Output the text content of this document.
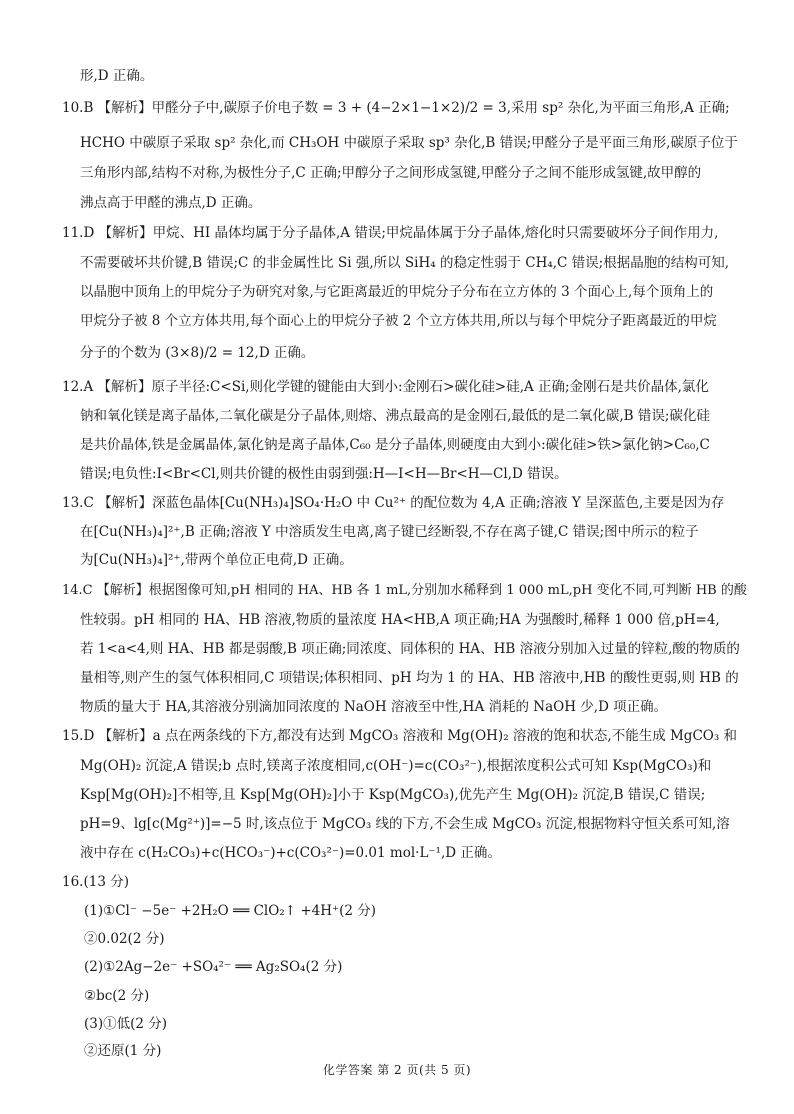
形,D 正确。
10.B 【解析】甲醛分子中,碳原子价电子数 = 3 + (4−2×1−1×2)/2 = 3,采用 sp² 杂化,为平面三角形,A 正确;
HCHO 中碳原子采取 sp² 杂化,而 CH₃OH 中碳原子采取 sp³ 杂化,B 错误;甲醛分子是平面三角形,碳原子位于
三角形内部,结构不对称,为极性分子,C 正确;甲醇分子之间形成氢键,甲醛分子之间不能形成氢键,故甲醇的
沸点高于甲醛的沸点,D 正确。
11.D 【解析】甲烷、HI 晶体均属于分子晶体,A 错误;甲烷晶体属于分子晶体,熔化时只需要破坏分子间作用力,
不需要破坏共价键,B 错误;C 的非金属性比 Si 强,所以 SiH₄ 的稳定性弱于 CH₄,C 错误;根据晶胞的结构可知,
以晶胞中顶角上的甲烷分子为研究对象,与它距离最近的甲烷分子分布在立方体的 3 个面心上,每个顶角上的
甲烷分子被 8 个立方体共用,每个面心上的甲烷分子被 2 个立方体共用,所以与每个甲烷分子距离最近的甲烷
分子的个数为 (3×8)/2 = 12,D 正确。
12.A 【解析】原子半径:C<Si,则化学键的键能由大到小:金刚石>碳化硅>硅,A 正确;金刚石是共价晶体,氯化
钠和氧化镁是离子晶体,二氧化碳是分子晶体,则熔、沸点最高的是金刚石,最低的是二氧化碳,B 错误;碳化硅
是共价晶体,铁是金属晶体,氯化钠是离子晶体,C₆₀ 是分子晶体,则硬度由大到小:碳化硅>铁>氯化钠>C₆₀,C
错误;电负性:I<Br<Cl,则共价键的极性由弱到强:H—I<H—Br<H—Cl,D 错误。
13.C 【解析】深蓝色晶体[Cu(NH₃)₄]SO₄·H₂O 中 Cu²⁺ 的配位数为 4,A 正确;溶液 Y 呈深蓝色,主要是因为存
在[Cu(NH₃)₄]²⁺,B 正确;溶液 Y 中溶质发生电离,离子键已经断裂,不存在离子键,C 错误;图中所示的粒子
为[Cu(NH₃)₄]²⁺,带两个单位正电荷,D 正确。
14.C 【解析】根据图像可知,pH 相同的 HA、HB 各 1 mL,分别加水稀释到 1 000 mL,pH 变化不同,可判断 HB 的酸
性较弱。pH 相同的 HA、HB 溶液,物质的量浓度 HA<HB,A 项正确;HA 为强酸时,稀释 1 000 倍,pH=4,
若 1<a<4,则 HA、HB 都是弱酸,B 项正确;同浓度、同体积的 HA、HB 溶液分别加入过量的锌粒,酸的物质的
量相等,则产生的氢气体积相同,C 项错误;体积相同、pH 均为 1 的 HA、HB 溶液中,HB 的酸性更弱,则 HB 的
物质的量大于 HA,其溶液分别滴加同浓度的 NaOH 溶液至中性,HA 消耗的 NaOH 少,D 项正确。
15.D 【解析】a 点在两条线的下方,都没有达到 MgCO₃ 溶液和 Mg(OH)₂ 溶液的饱和状态,不能生成 MgCO₃ 和
Mg(OH)₂ 沉淀,A 错误;b 点时,镁离子浓度相同,c(OH⁻)=c(CO₃²⁻),根据浓度积公式可知 Ksp(MgCO₃)和
Ksp[Mg(OH)₂]不相等,且 Ksp[Mg(OH)₂]小于 Ksp(MgCO₃),优先产生 Mg(OH)₂ 沉淀,B 错误,C 错误;
pH=9、lg[c(Mg²⁺)]=−5 时,该点位于 MgCO₃ 线的下方,不会生成 MgCO₃ 沉淀,根据物料守恒关系可知,溶
液中存在 c(H₂CO₃)+c(HCO₃⁻)+c(CO₃²⁻)=0.01 mol·L⁻¹,D 正确。
16.(13 分)
(1)①Cl⁻ −5e⁻ +2H₂O ══ ClO₂↑ +4H⁺(2 分)
②0.02(2 分)
(2)①2Ag−2e⁻ +SO₄²⁻ ══ Ag₂SO₄(2 分)
②bc(2 分)
(3)①低(2 分)
②还原(1 分)
化学答案 第 2 页(共 5 页)
